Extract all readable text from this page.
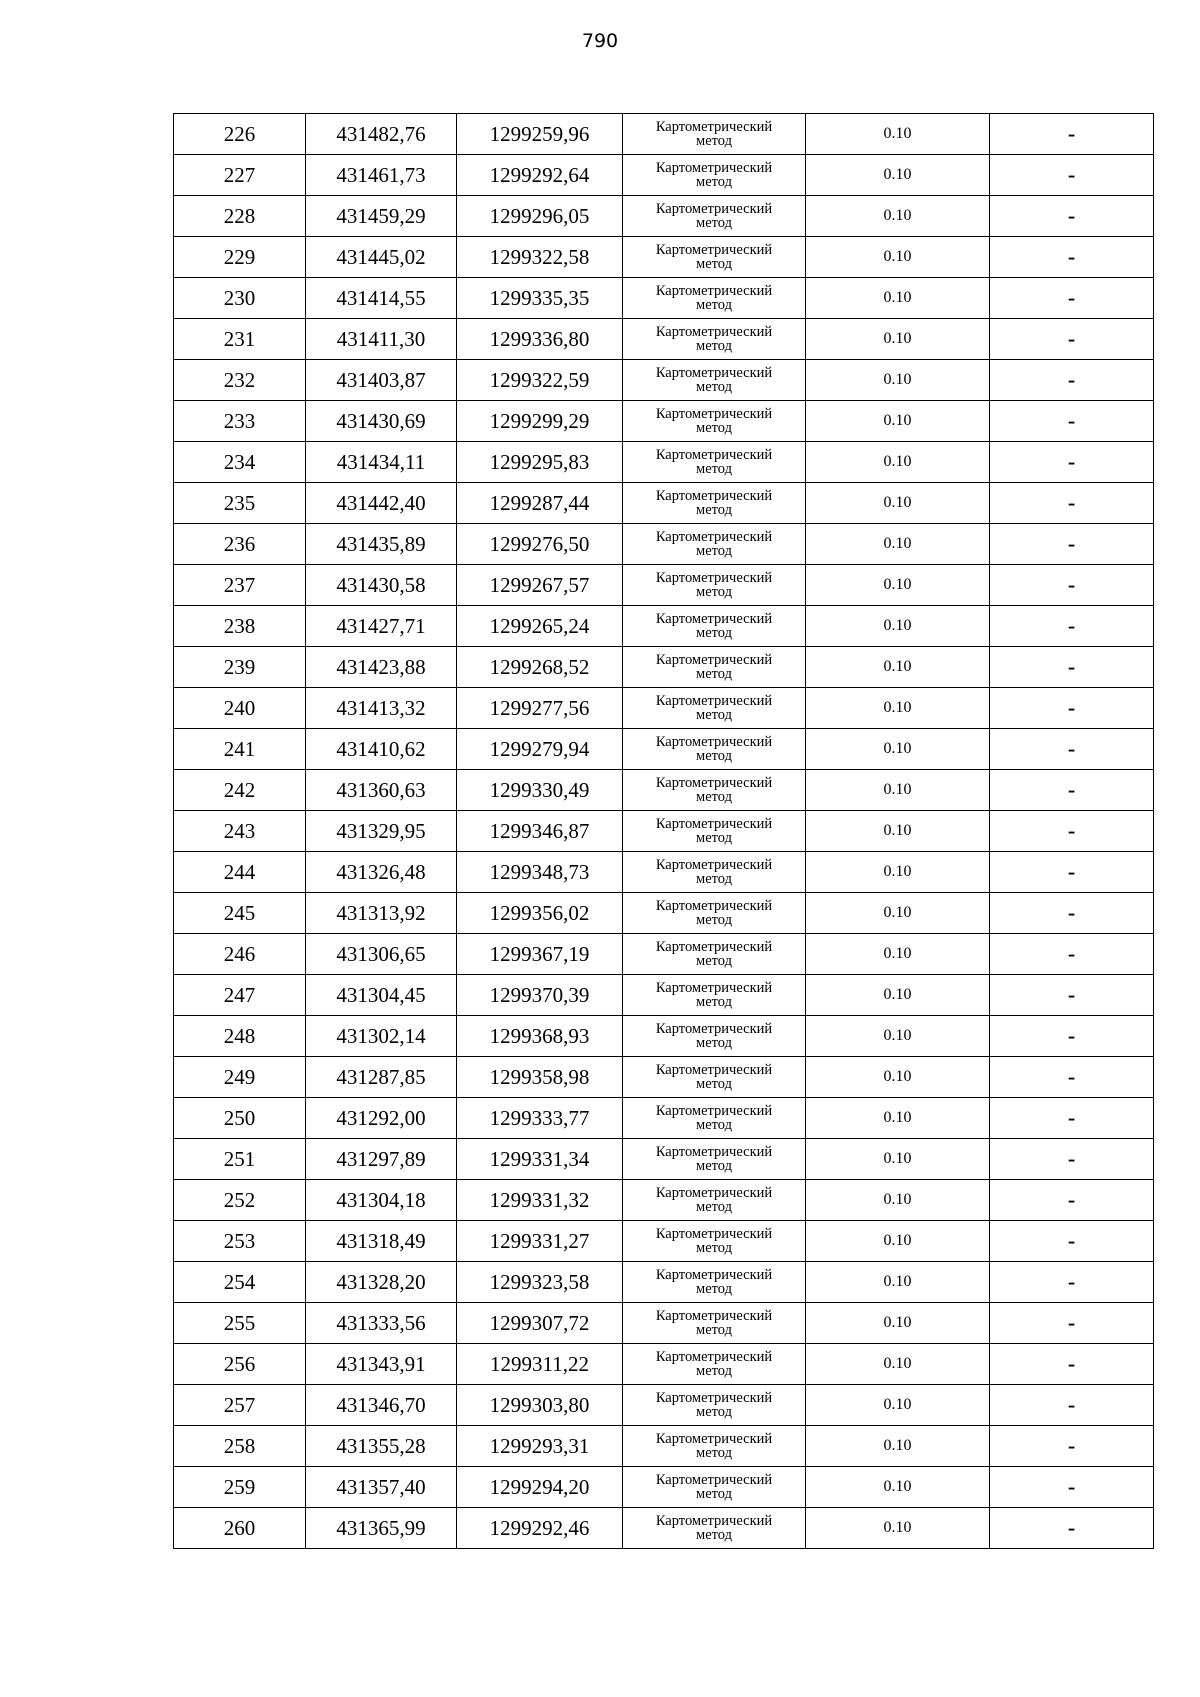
790
226	431482,76	1299259,96	Картометрический
метод	0.10	-
227	431461,73	1299292,64	Картометрический
метод	0.10	-
228	431459,29	1299296,05	Картометрический
метод	0.10	-
229	431445,02	1299322,58	Картометрический
метод	0.10	-
230	431414,55	1299335,35	Картометрический
метод	0.10	-
231	431411,30	1299336,80	Картометрический
метод	0.10	-
232	431403,87	1299322,59	Картометрический
метод	0.10	-
233	431430,69	1299299,29	Картометрический
метод	0.10	-
234	431434,11	1299295,83	Картометрический
метод	0.10	-
235	431442,40	1299287,44	Картометрический
метод	0.10	-
236	431435,89	1299276,50	Картометрический
метод	0.10	-
237	431430,58	1299267,57	Картометрический
метод	0.10	-
238	431427,71	1299265,24	Картометрический
метод	0.10	-
239	431423,88	1299268,52	Картометрический
метод	0.10	-
240	431413,32	1299277,56	Картометрический
метод	0.10	-
241	431410,62	1299279,94	Картометрический
метод	0.10	-
242	431360,63	1299330,49	Картометрический
метод	0.10	-
243	431329,95	1299346,87	Картометрический
метод	0.10	-
244	431326,48	1299348,73	Картометрический
метод	0.10	-
245	431313,92	1299356,02	Картометрический
метод	0.10	-
246	431306,65	1299367,19	Картометрический
метод	0.10	-
247	431304,45	1299370,39	Картометрический
метод	0.10	-
248	431302,14	1299368,93	Картометрический
метод	0.10	-
249	431287,85	1299358,98	Картометрический
метод	0.10	-
250	431292,00	1299333,77	Картометрический
метод	0.10	-
251	431297,89	1299331,34	Картометрический
метод	0.10	-
252	431304,18	1299331,32	Картометрический
метод	0.10	-
253	431318,49	1299331,27	Картометрический
метод	0.10	-
254	431328,20	1299323,58	Картометрический
метод	0.10	-
255	431333,56	1299307,72	Картометрический
метод	0.10	-
256	431343,91	1299311,22	Картометрический
метод	0.10	-
257	431346,70	1299303,80	Картометрический
метод	0.10	-
258	431355,28	1299293,31	Картометрический
метод	0.10	-
259	431357,40	1299294,20	Картометрический
метод	0.10	-
260	431365,99	1299292,46	Картометрический
метод	0.10	-
